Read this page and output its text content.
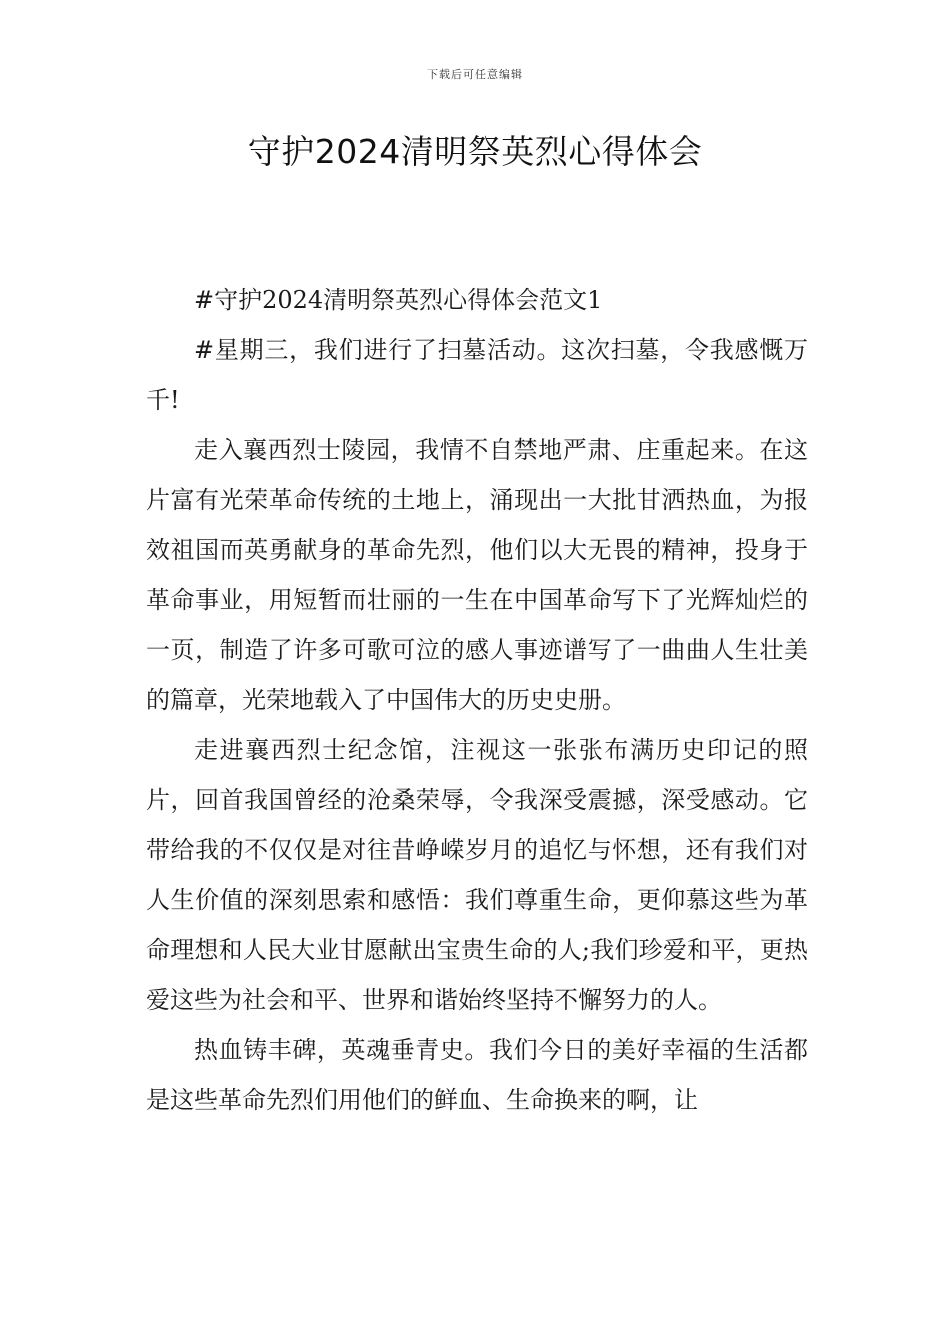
下载后可任意编辑
守护2024清明祭英烈心得体会

#守护2024清明祭英烈心得体会范文1

#星期三，我们进行了扫墓活动。这次扫墓，令我感慨万千!

走入襄西烈士陵园，我情不自禁地严肃、庄重起来。在这片富有光荣革命传统的土地上，涌现出一大批甘洒热血，为报效祖国而英勇献身的革命先烈，他们以大无畏的精神，投身于革命事业，用短暂而壮丽的一生在中国革命写下了光辉灿烂的一页，制造了许多可歌可泣的感人事迹谱写了一曲曲人生壮美的篇章，光荣地载入了中国伟大的历史史册。

走进襄西烈士纪念馆，注视这一张张布满历史印记的照片，回首我国曾经的沧桑荣辱，令我深受震撼，深受感动。它带给我的不仅仅是对往昔峥嵘岁月的追忆与怀想，还有我们对人生价值的深刻思索和感悟：我们尊重生命，更仰慕这些为革命理想和人民大业甘愿献出宝贵生命的人;我们珍爱和平，更热爱这些为社会和平、世界和谐始终坚持不懈努力的人。

热血铸丰碑，英魂垂青史。我们今日的美好幸福的生活都是这些革命先烈们用他们的鲜血、生命换来的啊，让
